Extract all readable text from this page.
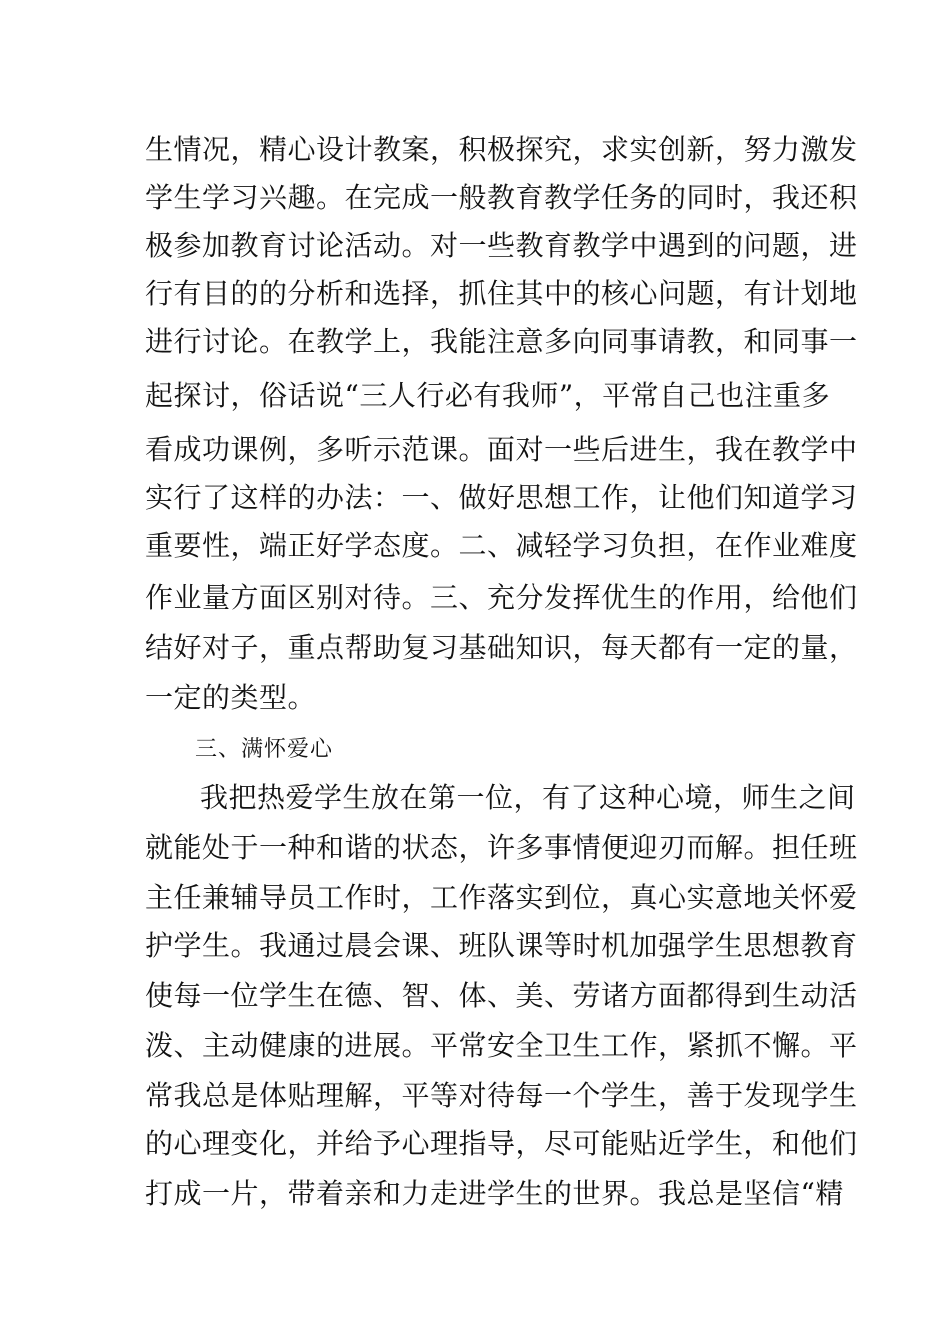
生情况，精心设计教案，积极探究，求实创新，努力激发
学生学习兴趣。在完成一般教育教学任务的同时，我还积
极参加教育讨论活动。对一些教育教学中遇到的问题，进
行有目的的分析和选择，抓住其中的核心问题，有计划地
进行讨论。在教学上，我能注意多向同事请教，和同事一
起探讨，俗话说“三人行必有我师”，平常自己也注重多
看成功课例，多听示范课。面对一些后进生，我在教学中
实行了这样的办法：一、做好思想工作，让他们知道学习
重要性，端正好学态度。二、减轻学习负担，在作业难度
作业量方面区别对待。三、充分发挥优生的作用，给他们
结好对子，重点帮助复习基础知识，每天都有一定的量，
一定的类型。
三、满怀爱心
我把热爱学生放在第一位，有了这种心境，师生之间
就能处于一种和谐的状态，许多事情便迎刃而解。担任班
主任兼辅导员工作时，工作落实到位，真心实意地关怀爱
护学生。我通过晨会课、班队课等时机加强学生思想教育
使每一位学生在德、智、体、美、劳诸方面都得到生动活
泼、主动健康的进展。平常安全卫生工作，紧抓不懈。平
常我总是体贴理解，平等对待每一个学生，善于发现学生
的心理变化，并给予心理指导，尽可能贴近学生，和他们
打成一片，带着亲和力走进学生的世界。我总是坚信“精
